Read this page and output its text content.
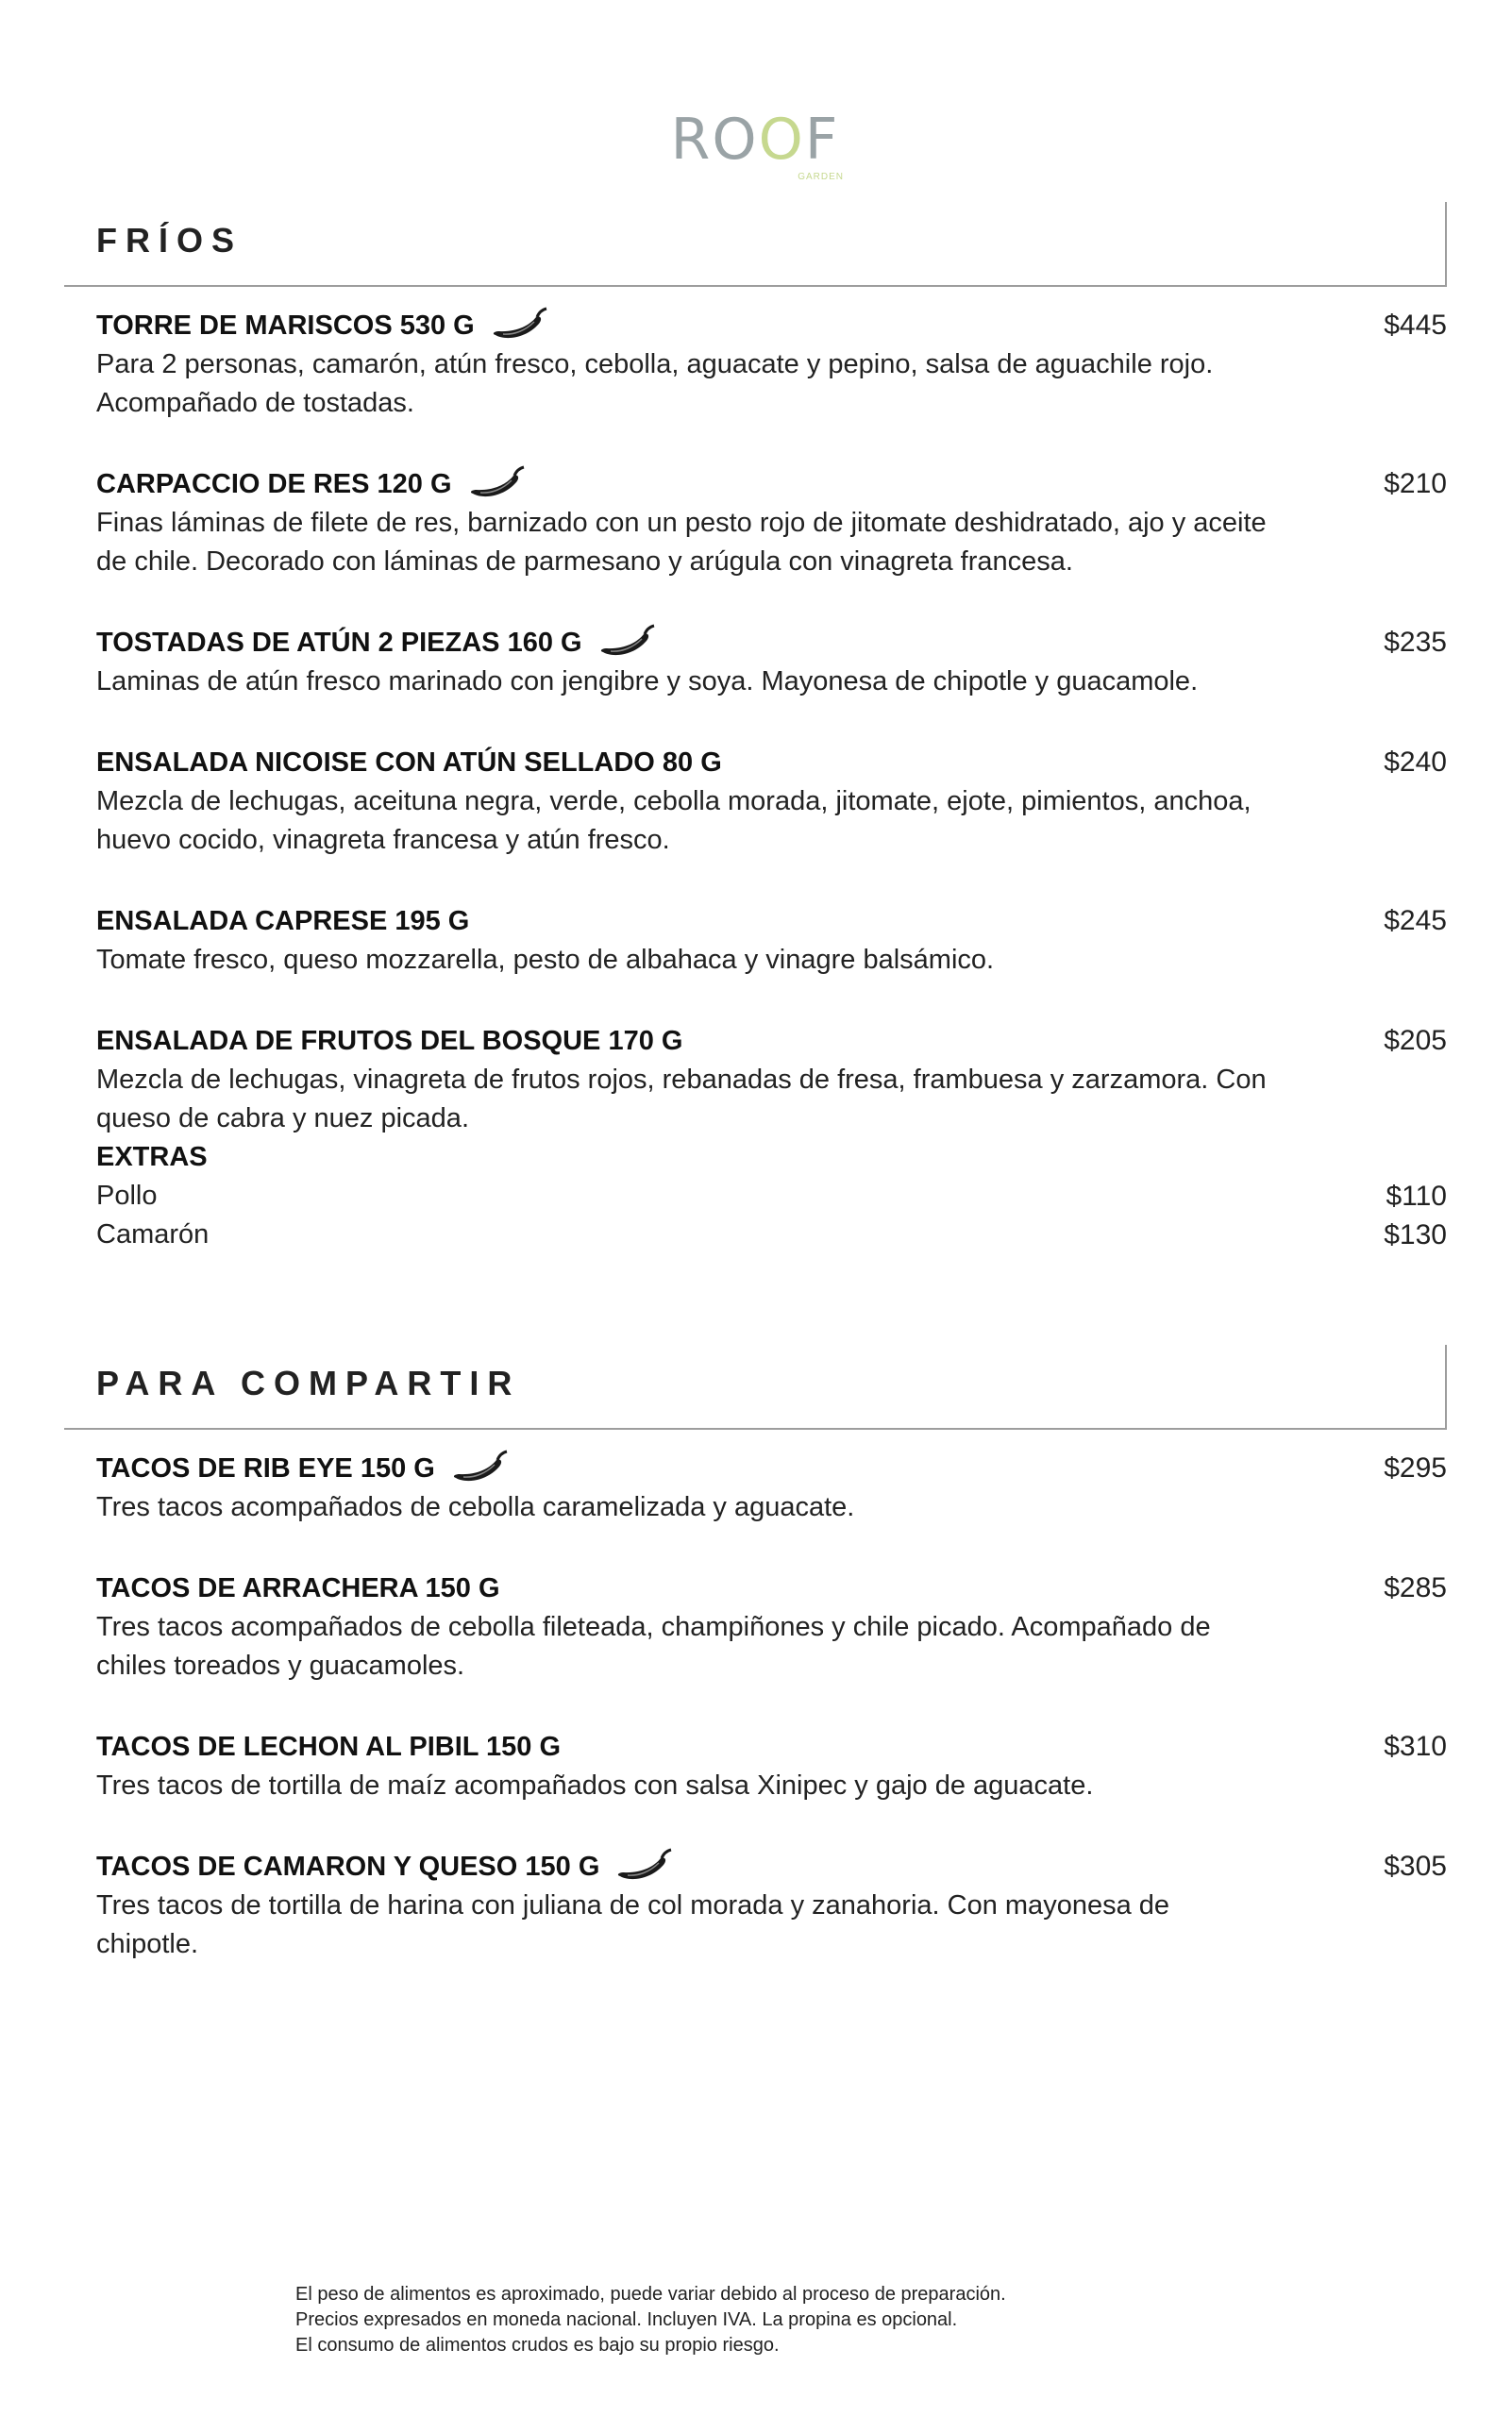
ROOF
GARDEN
FRÍOS
TORRE DE MARISCOS 530 G	$445
Para 2 personas, camarón, atún fresco, cebolla, aguacate y pepino, salsa de aguachile rojo. Acompañado de tostadas.
CARPACCIO DE RES 120 G	$210
Finas láminas de filete de res, barnizado con un pesto rojo de jitomate deshidratado, ajo y aceite de chile. Decorado con láminas de parmesano y arúgula con vinagreta francesa.
TOSTADAS DE ATÚN 2 PIEZAS 160 G	$235
Laminas de atún fresco marinado con jengibre y soya. Mayonesa de chipotle y guacamole.
ENSALADA NICOISE CON ATÚN SELLADO 80 G	$240
Mezcla de lechugas, aceituna negra, verde, cebolla morada, jitomate, ejote, pimientos, anchoa, huevo cocido, vinagreta francesa y atún fresco.
ENSALADA CAPRESE 195 G	$245
Tomate fresco, queso mozzarella, pesto de albahaca y vinagre balsámico.
ENSALADA DE FRUTOS DEL BOSQUE 170 G	$205
Mezcla de lechugas, vinagreta de frutos rojos, rebanadas de fresa, frambuesa y zarzamora. Con queso de cabra y nuez picada.
EXTRAS
Pollo	$110
Camarón	$130
PARA COMPARTIR
TACOS DE RIB EYE 150 G	$295
Tres tacos acompañados de cebolla caramelizada y aguacate.
TACOS DE ARRACHERA 150 G	$285
Tres tacos acompañados de cebolla fileteada, champiñones y chile picado. Acompañado de chiles toreados y guacamoles.
TACOS DE LECHON AL PIBIL 150 G	$310
Tres tacos de tortilla de maíz acompañados con salsa Xinipec y gajo de aguacate.
TACOS DE CAMARON Y QUESO 150 G	$305
Tres tacos de tortilla de harina con juliana de col morada y zanahoria. Con mayonesa de chipotle.
El peso de alimentos es aproximado, puede variar debido al proceso de preparación.
Precios expresados en moneda nacional. Incluyen IVA. La propina es opcional.
El consumo de alimentos crudos es bajo su propio riesgo.
